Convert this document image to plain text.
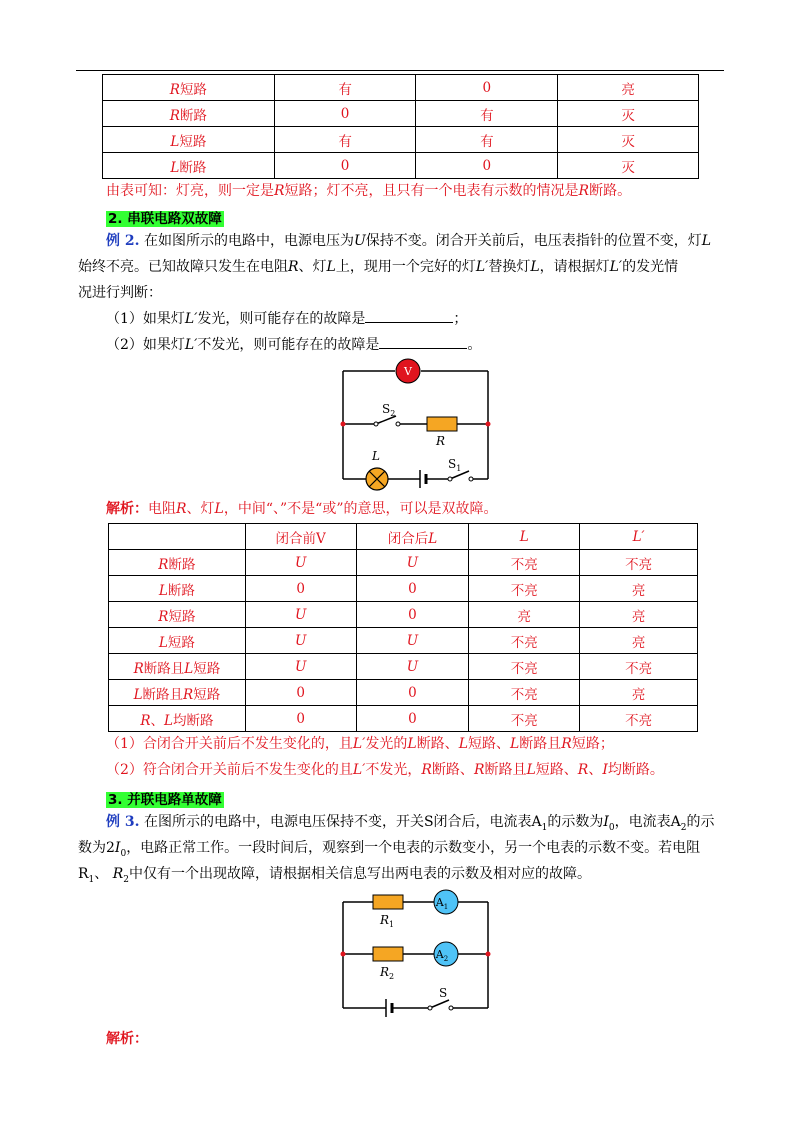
R短路	有	0	亮
R断路	0	有	灭
L短路	有	有	灭
L断路	0	0	灭
由表可知：灯亮，则一定是R短路；灯不亮，且只有一个电表有示数的情况是R断路。
2. 串联电路双故障
例 2. 在如图所示的电路中，电源电压为U保持不变。闭合开关前后，电压表指针的位置不变，灯L
始终不亮。已知故障只发生在电阻R、灯L上，现用一个完好的灯L′替换灯L，请根据灯L′的发光情
况进行判断：
（1）如果灯L′发光，则可能存在的故障是	；
（2）如果灯L′不发光，则可能存在的故障是	。
V
$S_2$
R
L
$S_1$
解析：电阻R、灯L，中间“、”不是“或”的意思，可以是双故障。
	闭合前V	闭合后L	L	L′
R断路	U	U	不亮	不亮
L断路	0	0	不亮	亮
R短路	U	0	亮	亮
L短路	U	U	不亮	亮
R断路且L短路	U	U	不亮	不亮
L断路且R短路	0	0	不亮	亮
R、L均断路	0	0	不亮	不亮
（1）合闭合开关前后不发生变化的，且L′发光的L断路、L短路、L断路且R短路；
（2）符合闭合开关前后不发生变化的且L′不发光，R断路、R断路且L短路、R、I均断路。
3. 并联电路单故障
例 3. 在图所示的电路中，电源电压保持不变，开关S闭合后，电流表$A_1$的示数为$I_0$，电流表$A_2$的示
数为$2I_0$，电路正常工作。一段时间后，观察到一个电表的示数变小，另一个电表的示数不变。若电阻
$R_1$、 $R_2$中仅有一个出现故障，请根据相关信息写出两电表的示数及相对应的故障。
$R_1$
$A_1$
$R_2$
$A_2$
S
解析：
